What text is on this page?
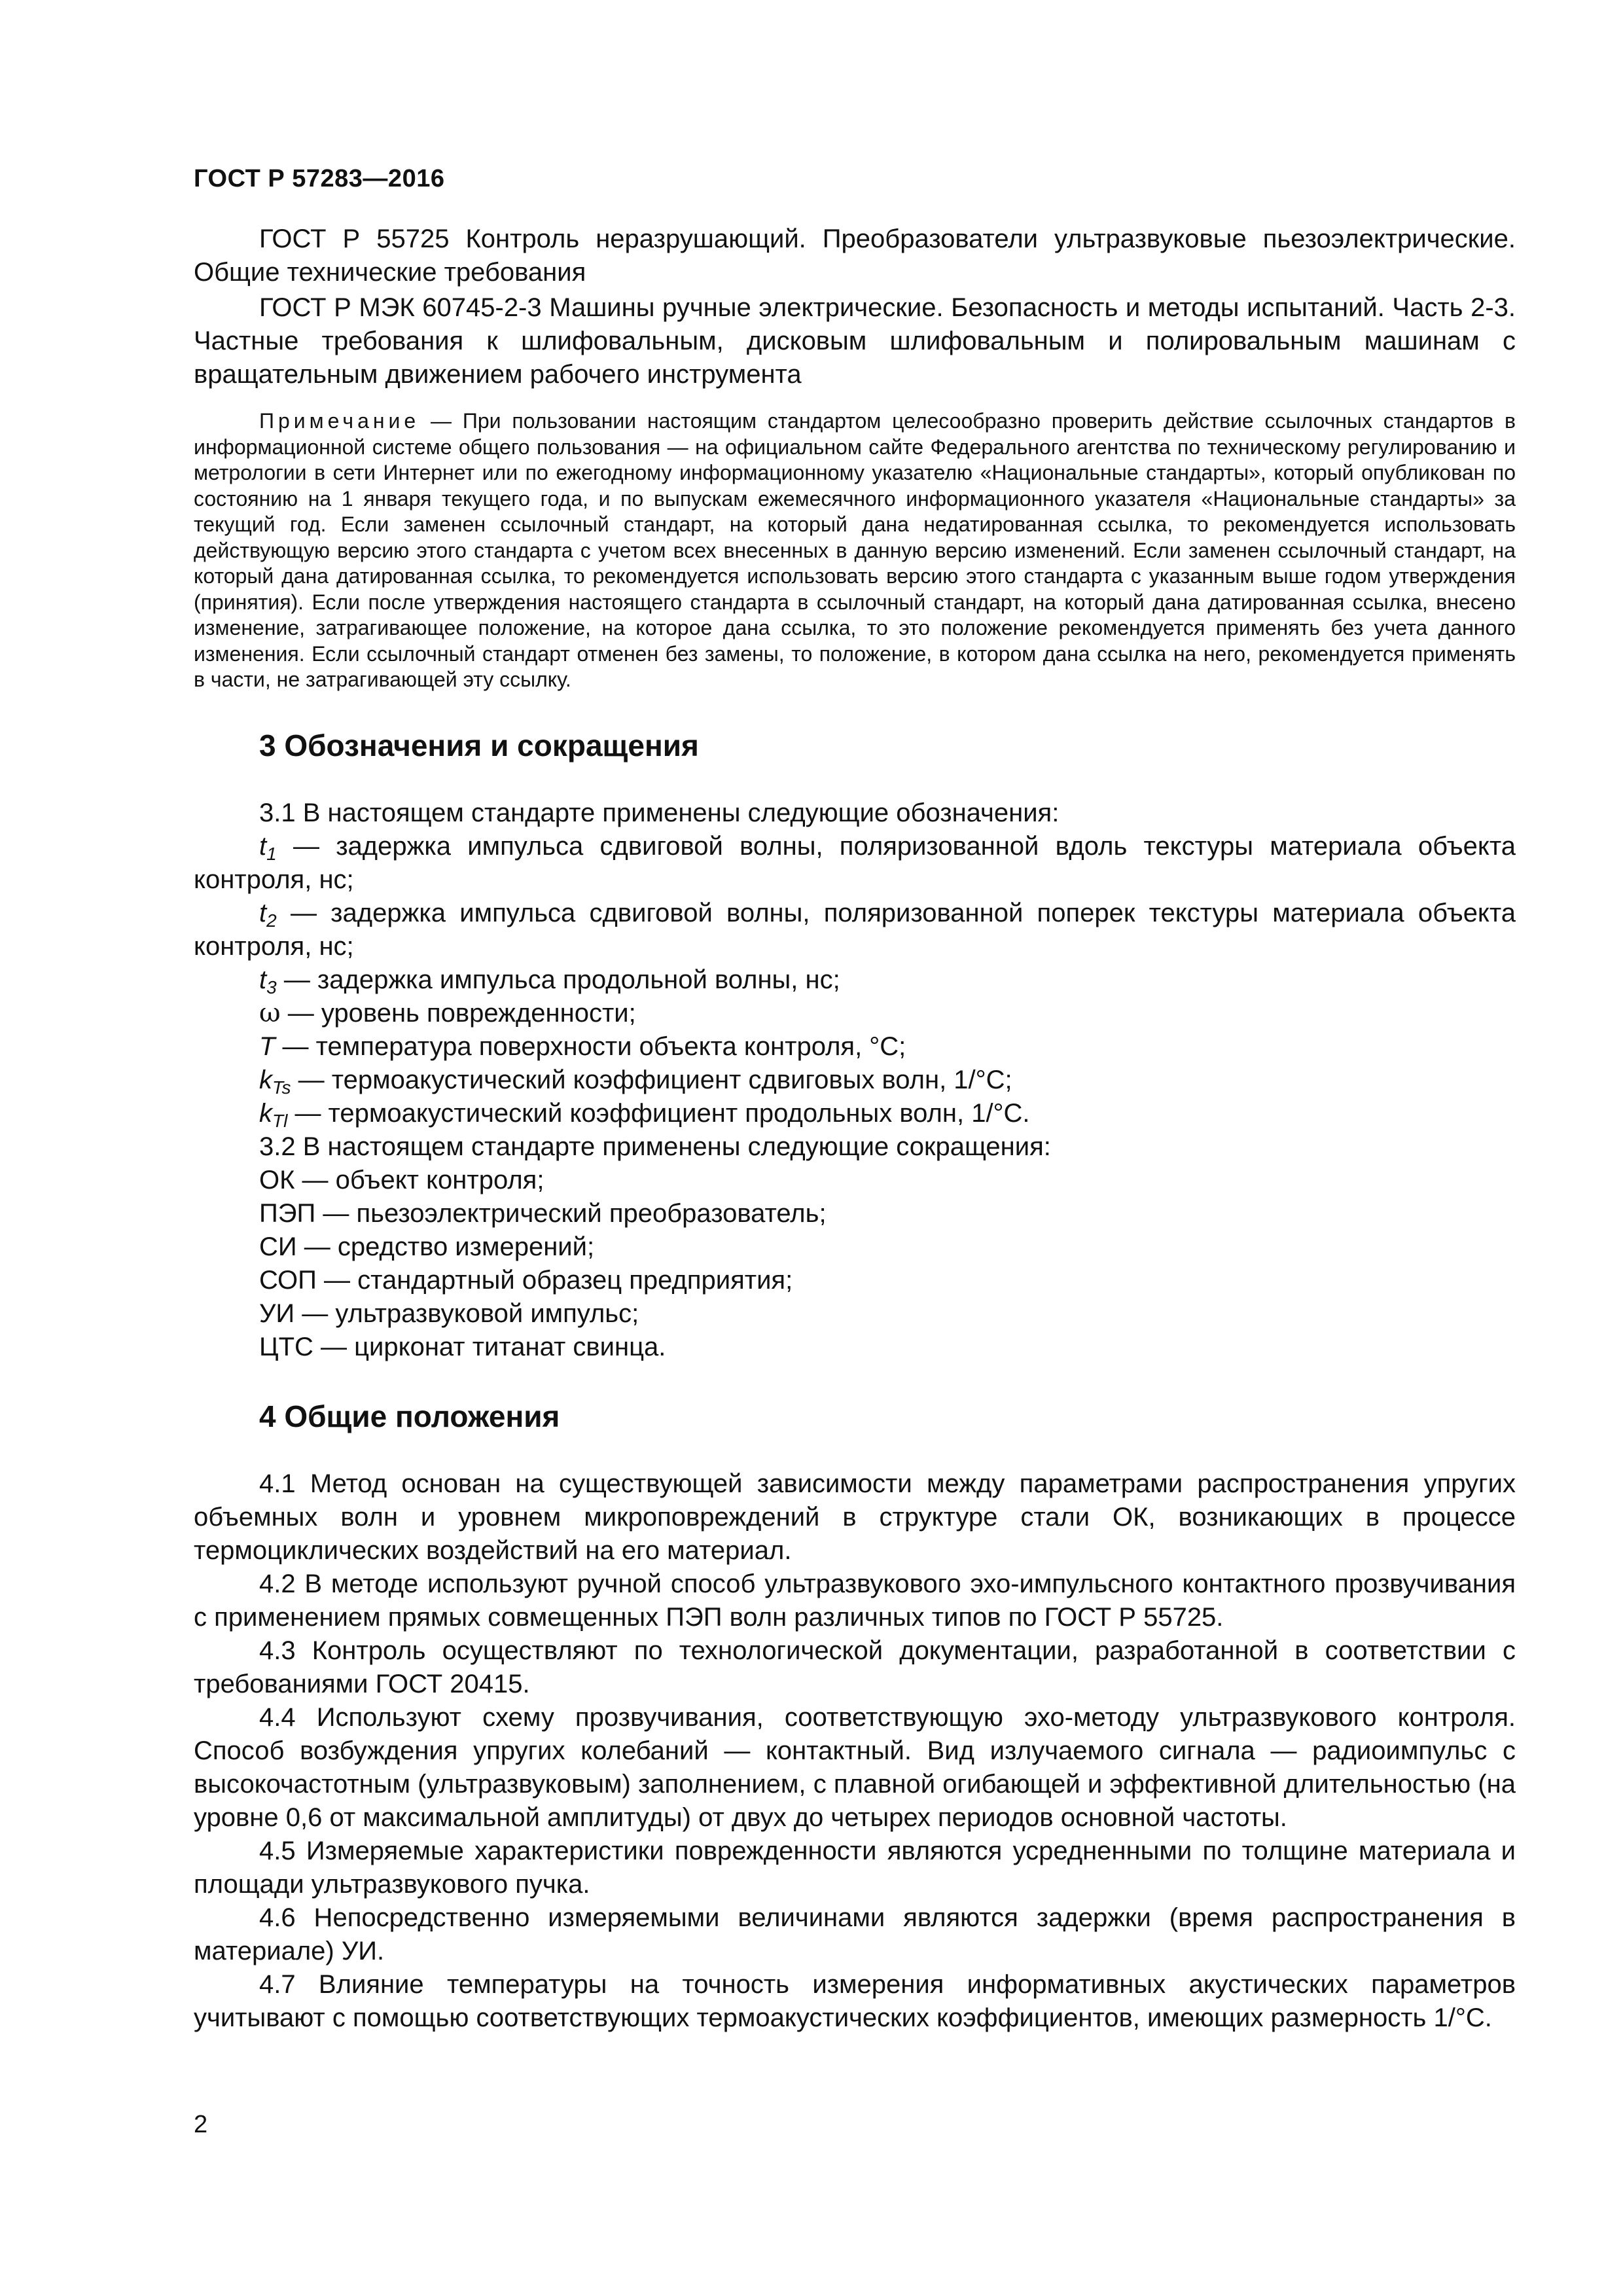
ГОСТ Р 57283—2016

ГОСТ Р 55725 Контроль неразрушающий. Преобразователи ультразвуковые пьезоэлектрические. Общие технические требования

ГОСТ Р МЭК 60745-2-3 Машины ручные электрические. Безопасность и методы испытаний. Часть 2-3. Частные требования к шлифовальным, дисковым шлифовальным и полировальным машинам с вращательным движением рабочего инструмента

Примечание — При пользовании настоящим стандартом целесообразно проверить действие ссылочных стандартов в информационной системе общего пользования — на официальном сайте Федерального агентства по техническому регулированию и метрологии в сети Интернет или по ежегодному информационному указателю «Национальные стандарты», который опубликован по состоянию на 1 января текущего года, и по выпускам ежемесячного информационного указателя «Национальные стандарты» за текущий год. Если заменен ссылочный стандарт, на который дана недатированная ссылка, то рекомендуется использовать действующую версию этого стандарта с учетом всех внесенных в данную версию изменений. Если заменен ссылочный стандарт, на который дана датированная ссылка, то рекомендуется использовать версию этого стандарта с указанным выше годом утверждения (принятия). Если после утверждения настоящего стандарта в ссылочный стандарт, на который дана датированная ссылка, внесено изменение, затрагивающее положение, на которое дана ссылка, то это положение рекомендуется применять без учета данного изменения. Если ссылочный стандарт отменен без замены, то положение, в котором дана ссылка на него, рекомендуется применять в части, не затрагивающей эту ссылку.
3 Обозначения и сокращения

3.1 В настоящем стандарте применены следующие обозначения:

$t_1$ — задержка импульса сдвиговой волны, поляризованной вдоль текстуры материала объекта контроля, нс;

$t_2$ — задержка импульса сдвиговой волны, поляризованной поперек текстуры материала объекта контроля, нс;

$t_3$ — задержка импульса продольной волны, нс;

ω — уровень поврежденности;

T — температура поверхности объекта контроля, °С;

$k_{Ts}$ — термоакустический коэффициент сдвиговых волн, 1/°С;

$k_{Tl}$ — термоакустический коэффициент продольных волн, 1/°С.

3.2 В настоящем стандарте применены следующие сокращения:

ОК — объект контроля;

ПЭП — пьезоэлектрический преобразователь;

СИ — средство измерений;

СОП — стандартный образец предприятия;

УИ — ультразвуковой импульс;

ЦТС — цирконат титанат свинца.

4 Общие положения

4.1 Метод основан на существующей зависимости между параметрами распространения упругих объемных волн и уровнем микроповреждений в структуре стали ОК, возникающих в процессе термоциклических воздействий на его материал.

4.2 В методе используют ручной способ ультразвукового эхо-импульсного контактного прозвучивания с применением прямых совмещенных ПЭП волн различных типов по ГОСТ Р 55725.

4.3 Контроль осуществляют по технологической документации, разработанной в соответствии с требованиями ГОСТ 20415.

4.4 Используют схему прозвучивания, соответствующую эхо-методу ультразвукового контроля. Способ возбуждения упругих колебаний — контактный. Вид излучаемого сигнала — радиоимпульс с высокочастотным (ультразвуковым) заполнением, с плавной огибающей и эффективной длительностью (на уровне 0,6 от максимальной амплитуды) от двух до четырех периодов основной частоты.

4.5 Измеряемые характеристики поврежденности являются усредненными по толщине материала и площади ультразвукового пучка.

4.6 Непосредственно измеряемыми величинами являются задержки (время распространения в материале) УИ.

4.7 Влияние температуры на точность измерения информативных акустических параметров учитывают с помощью соответствующих термоакустических коэффициентов, имеющих размерность 1/°С.

2
